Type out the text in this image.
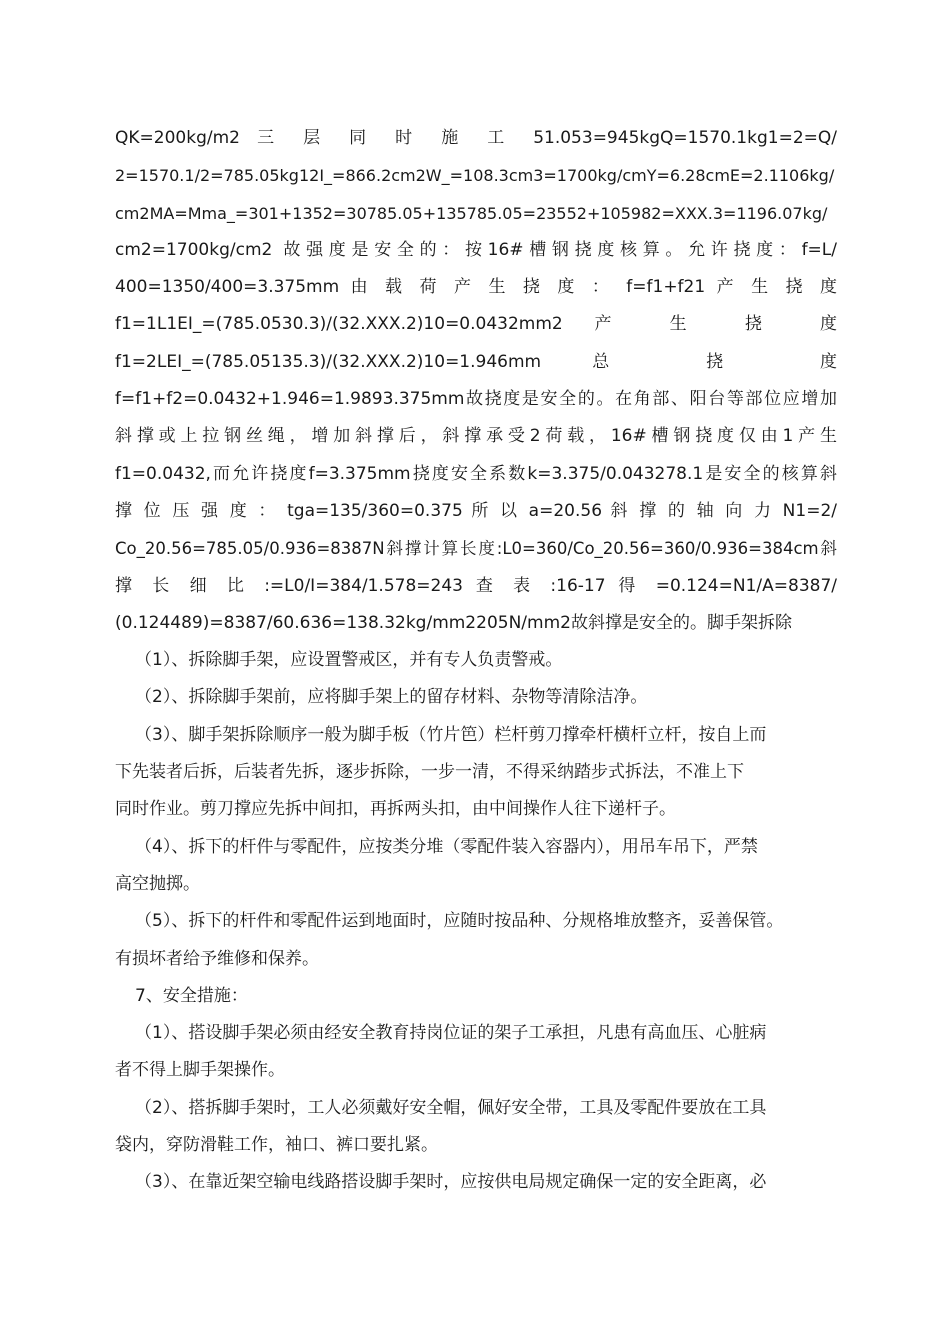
QK=200kg/m2 三 层 同 时 施 工 51.053=945kgQ=1570.1kg1=2=Q/
2=1570.1/2=785.05kg12I_=866.2cm2W_=108.3cm3=1700kg/cmY=6.28cmE=2.1106kg/
cm2MA=Mma_=301+1352=30785.05+135785.05=23552+105982=XXX.3=1196.07kg/
cm2=1700kg/cm2 故强度是安全的：按16#槽钢挠度核算。允许挠度：f=L/
400=1350/400=3.375mm 由 载 荷 产 生 挠 度 ： f=f1+f21 产 生 挠 度
f1=1L1EI_=(785.0530.3)/(32.XXX.2)10=0.0432mm2 产 生 挠 度
f1=2LEI_=(785.05135.3)/(32.XXX.2)10=1.946mm 总 挠 度
f=f1+f2=0.0432+1.946=1.9893.375mm故挠度是安全的。在角部、阳台等部位应增加
斜撑或上拉钢丝绳，增加斜撑后，斜撑承受2荷载，16#槽钢挠度仅由1产生
f1=0.0432,而允许挠度f=3.375mm挠度安全系数k=3.375/0.043278.1是安全的核算斜
撑 位 压 强 度 ： tga=135/360=0.375 所 以 a=20.56 斜 撑 的 轴 向 力 N1=2/
Co_20.56=785.05/0.936=8387N斜撑计算长度:L0=360/Co_20.56=360/0.936=384cm斜
撑 长 细 比 :=L0/I=384/1.578=243 查 表 :16-17 得 =0.124=N1/A=8387/
(0.124489)=8387/60.636=138.32kg/mm2205N/mm2故斜撑是安全的。脚手架拆除
（1）、拆除脚手架，应设置警戒区，并有专人负责警戒。
（2）、拆除脚手架前，应将脚手架上的留存材料、杂物等清除洁净。
（3）、脚手架拆除顺序一般为脚手板（竹片笆）栏杆剪刀撑牵杆横杆立杆，按自上而
下先装者后拆，后装者先拆，逐步拆除，一步一清，不得采纳踏步式拆法，不准上下
同时作业。剪刀撑应先拆中间扣，再拆两头扣，由中间操作人往下递杆子。
（4）、拆下的杆件与零配件，应按类分堆（零配件装入容器内），用吊车吊下，严禁
高空抛掷。
（5）、拆下的杆件和零配件运到地面时，应随时按品种、分规格堆放整齐，妥善保管。
有损坏者给予维修和保养。
7、安全措施：
（1）、搭设脚手架必须由经安全教育持岗位证的架子工承担，凡患有高血压、心脏病
者不得上脚手架操作。
（2）、搭拆脚手架时，工人必须戴好安全帽，佩好安全带，工具及零配件要放在工具
袋内，穿防滑鞋工作，袖口、裤口要扎紧。
（3）、在靠近架空输电线路搭设脚手架时，应按供电局规定确保一定的安全距离，必
